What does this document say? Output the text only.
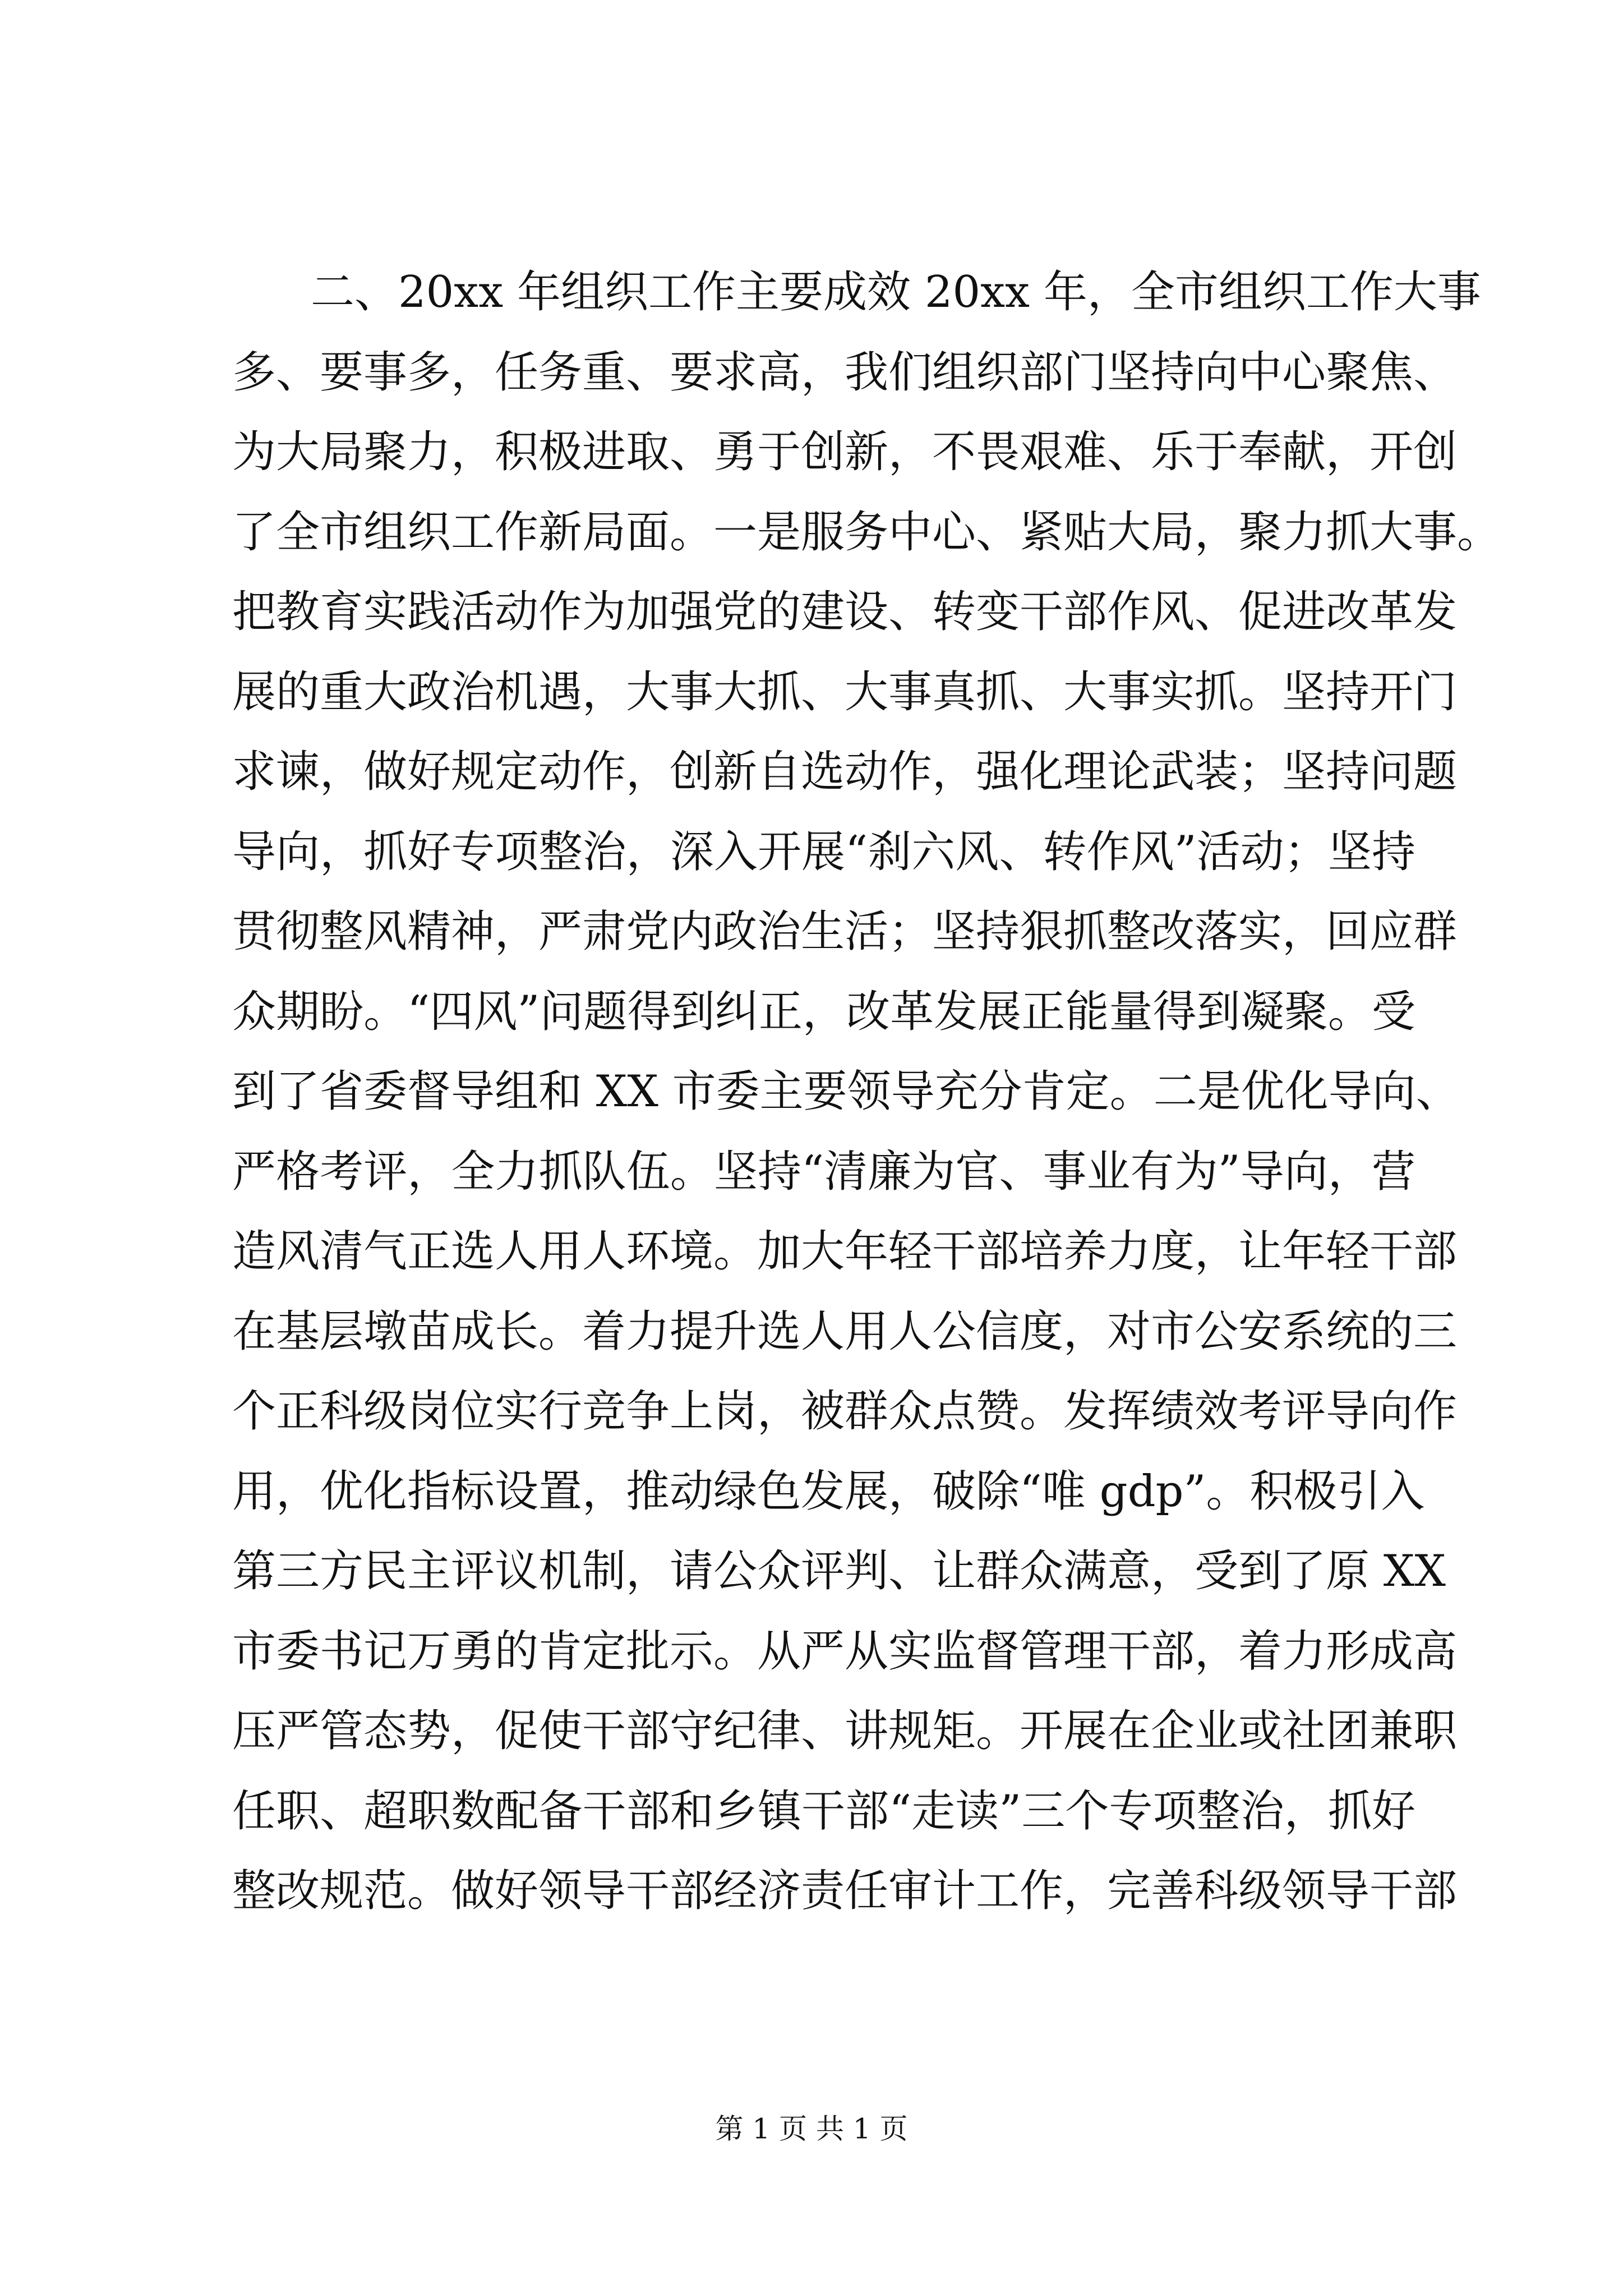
二、20xx 年组织工作主要成效 20xx 年，全市组织工作大事
多、要事多，任务重、要求高，我们组织部门坚持向中心聚焦、
为大局聚力，积极进取、勇于创新，不畏艰难、乐于奉献，开创
了全市组织工作新局面。一是服务中心、紧贴大局，聚力抓大事。
把教育实践活动作为加强党的建设、转变干部作风、促进改革发
展的重大政治机遇，大事大抓、大事真抓、大事实抓。坚持开门
求谏，做好规定动作，创新自选动作，强化理论武装；坚持问题
导向，抓好专项整治，深入开展“刹六风、转作风”活动；坚持
贯彻整风精神，严肃党内政治生活；坚持狠抓整改落实，回应群
众期盼。“四风”问题得到纠正，改革发展正能量得到凝聚。受
到了省委督导组和 XX 市委主要领导充分肯定。二是优化导向、
严格考评，全力抓队伍。坚持“清廉为官、事业有为”导向，营
造风清气正选人用人环境。加大年轻干部培养力度，让年轻干部
在基层墩苗成长。着力提升选人用人公信度，对市公安系统的三
个正科级岗位实行竞争上岗，被群众点赞。发挥绩效考评导向作
用，优化指标设置，推动绿色发展，破除“唯 gdp”。积极引入
第三方民主评议机制，请公众评判、让群众满意，受到了原 XX
市委书记万勇的肯定批示。从严从实监督管理干部，着力形成高
压严管态势，促使干部守纪律、讲规矩。开展在企业或社团兼职
任职、超职数配备干部和乡镇干部“走读”三个专项整治，抓好
整改规范。做好领导干部经济责任审计工作，完善科级领导干部
第 1 页 共 1 页
